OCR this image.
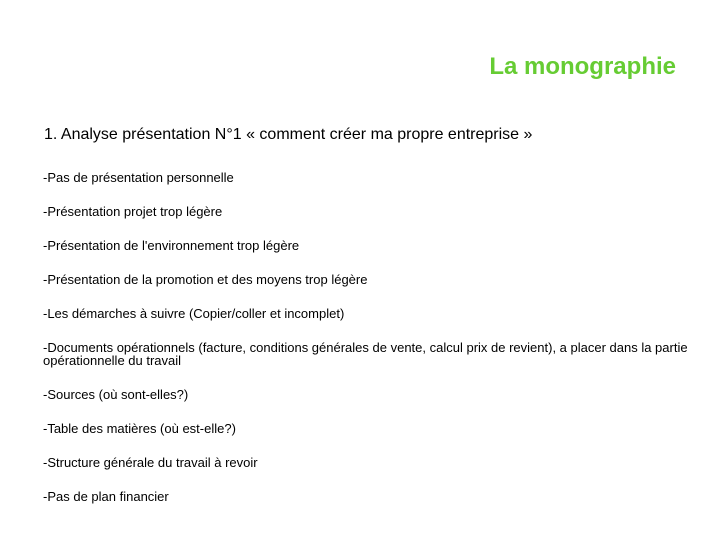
La monographie
1. Analyse présentation N°1 « comment créer ma propre entreprise »
-Pas de présentation personnelle
-Présentation projet trop légère
-Présentation de l'environnement trop légère
-Présentation de la promotion et des moyens trop légère
-Les démarches à suivre (Copier/coller et incomplet)
-Documents opérationnels (facture, conditions générales de vente, calcul prix de revient), a placer dans la partie opérationnelle du travail
-Sources (où sont-elles?)
-Table des matières (où est-elle?)
-Structure générale du travail à revoir
-Pas de plan financier
